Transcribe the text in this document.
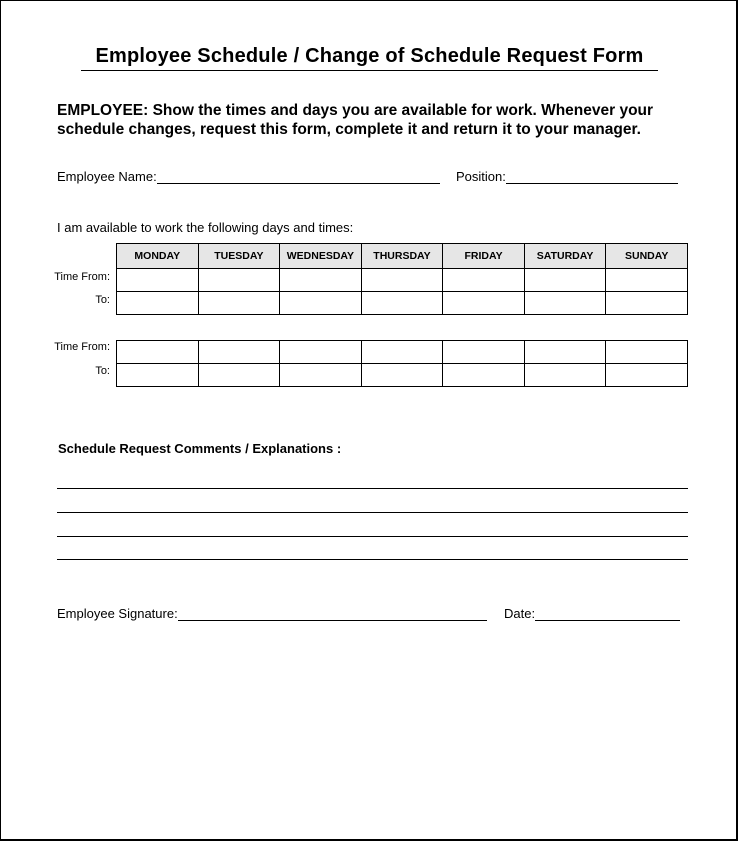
Employee Schedule / Change of Schedule Request Form
EMPLOYEE: Show the times and days you are available for work. Whenever your schedule changes, request this form, complete it and return it to your manager.
Employee Name:	Position:
I am available to work the following days and times:
MONDAY	TUESDAY	WEDNESDAY	THURSDAY	FRIDAY	SATURDAY	SUNDAY

Time From:
To:

Time From:
To:
Schedule Request Comments / Explanations :
Employee Signature:	Date:
